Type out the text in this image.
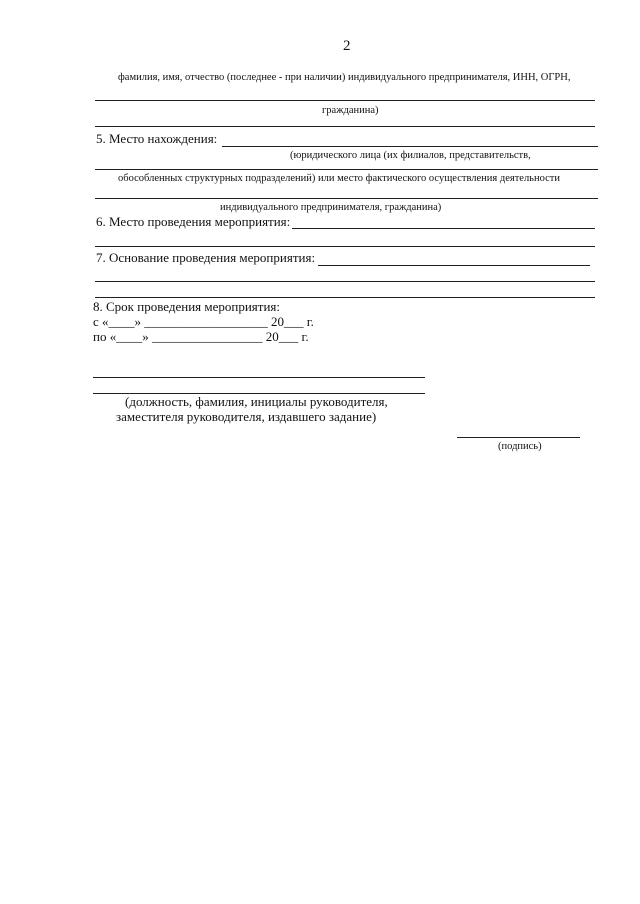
2
фамилия, имя, отчество (последнее - при наличии) индивидуального предпринимателя, ИНН, ОГРН,
гражданина)
5. Место нахождения:
(юридического лица (их филиалов, представительств,
обособленных структурных подразделений) или место фактического осуществления деятельности
индивидуального предпринимателя, гражданина)
6. Место проведения мероприятия:
7. Основание проведения мероприятия:
8. Срок проведения мероприятия:
с «____» ___________________ 20___ г.
по «____» _________________ 20___ г.
(должность, фамилия, инициалы руководителя,
заместителя руководителя, издавшего задание)
(подпись)
